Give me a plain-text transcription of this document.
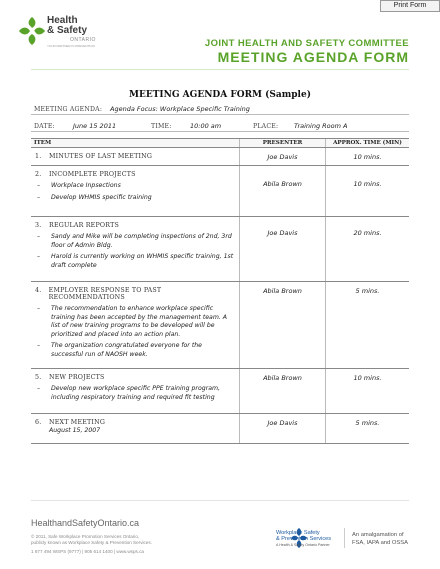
Print Form
Health
& Safety
ONTARIO
YOUR PARTNER IN PREVENTION	JOINT HEALTH AND SAFETY COMMITTEE
MEETING AGENDA FORM
MEETING AGENDA FORM (Sample)
MEETING AGENDA: Agenda Focus: Workplace Specific Training
DATE:	June 15 2011	TIME:	10:00 am	PLACE: Training Room A
ITEM	PRESENTER	APPROX. TIME (MIN)
1.	MINUTES OF LAST MEETING	Joe Davis	10 mins.
2.	INCOMPLETE PROJECTS
– Workplace Inpsections
– Develop WHMIS specific training
Abila Brown	10 mins.
3.	REGULAR REPORTS
– Sandy and Mike will be completing inspections of 2nd, 3rd floor of Admin Bldg.
– Harold is currently working on WHMIS specific training, 1st draft complete
Joe Davis	20 mins.
4.	EMPLOYER RESPONSE TO PAST RECOMMENDATIONS
– The recommendation to enhance workplace specific training has been accepted by the management team. A list of new training programs to be developed will be prioritized and placed into an action plan.
– The organization congratulated everyone for the successful run of NAOSH week.
Abila Brown	5 mins.
5.	NEW PROJECTS
– Develop new workplace specific PPE training program, including respiratory training and required fit testing
Abila Brown	10 mins.
6.	NEXT MEETING
August 15, 2007
Joe Davis	5 mins.
HealthandSafetyOntario.ca
© 2011, Safe Workplace Promotion Services Ontario,
publicly known as Workplace Safety & Prevention Services.
1 877 494 WSPS (9777) | 905 614 1400 | www.wsps.ca
Workplace Safety
& Prevention Services
A Health & Safety Ontario Partner
An amalgamation of
FSA, IAPA and OSSA
